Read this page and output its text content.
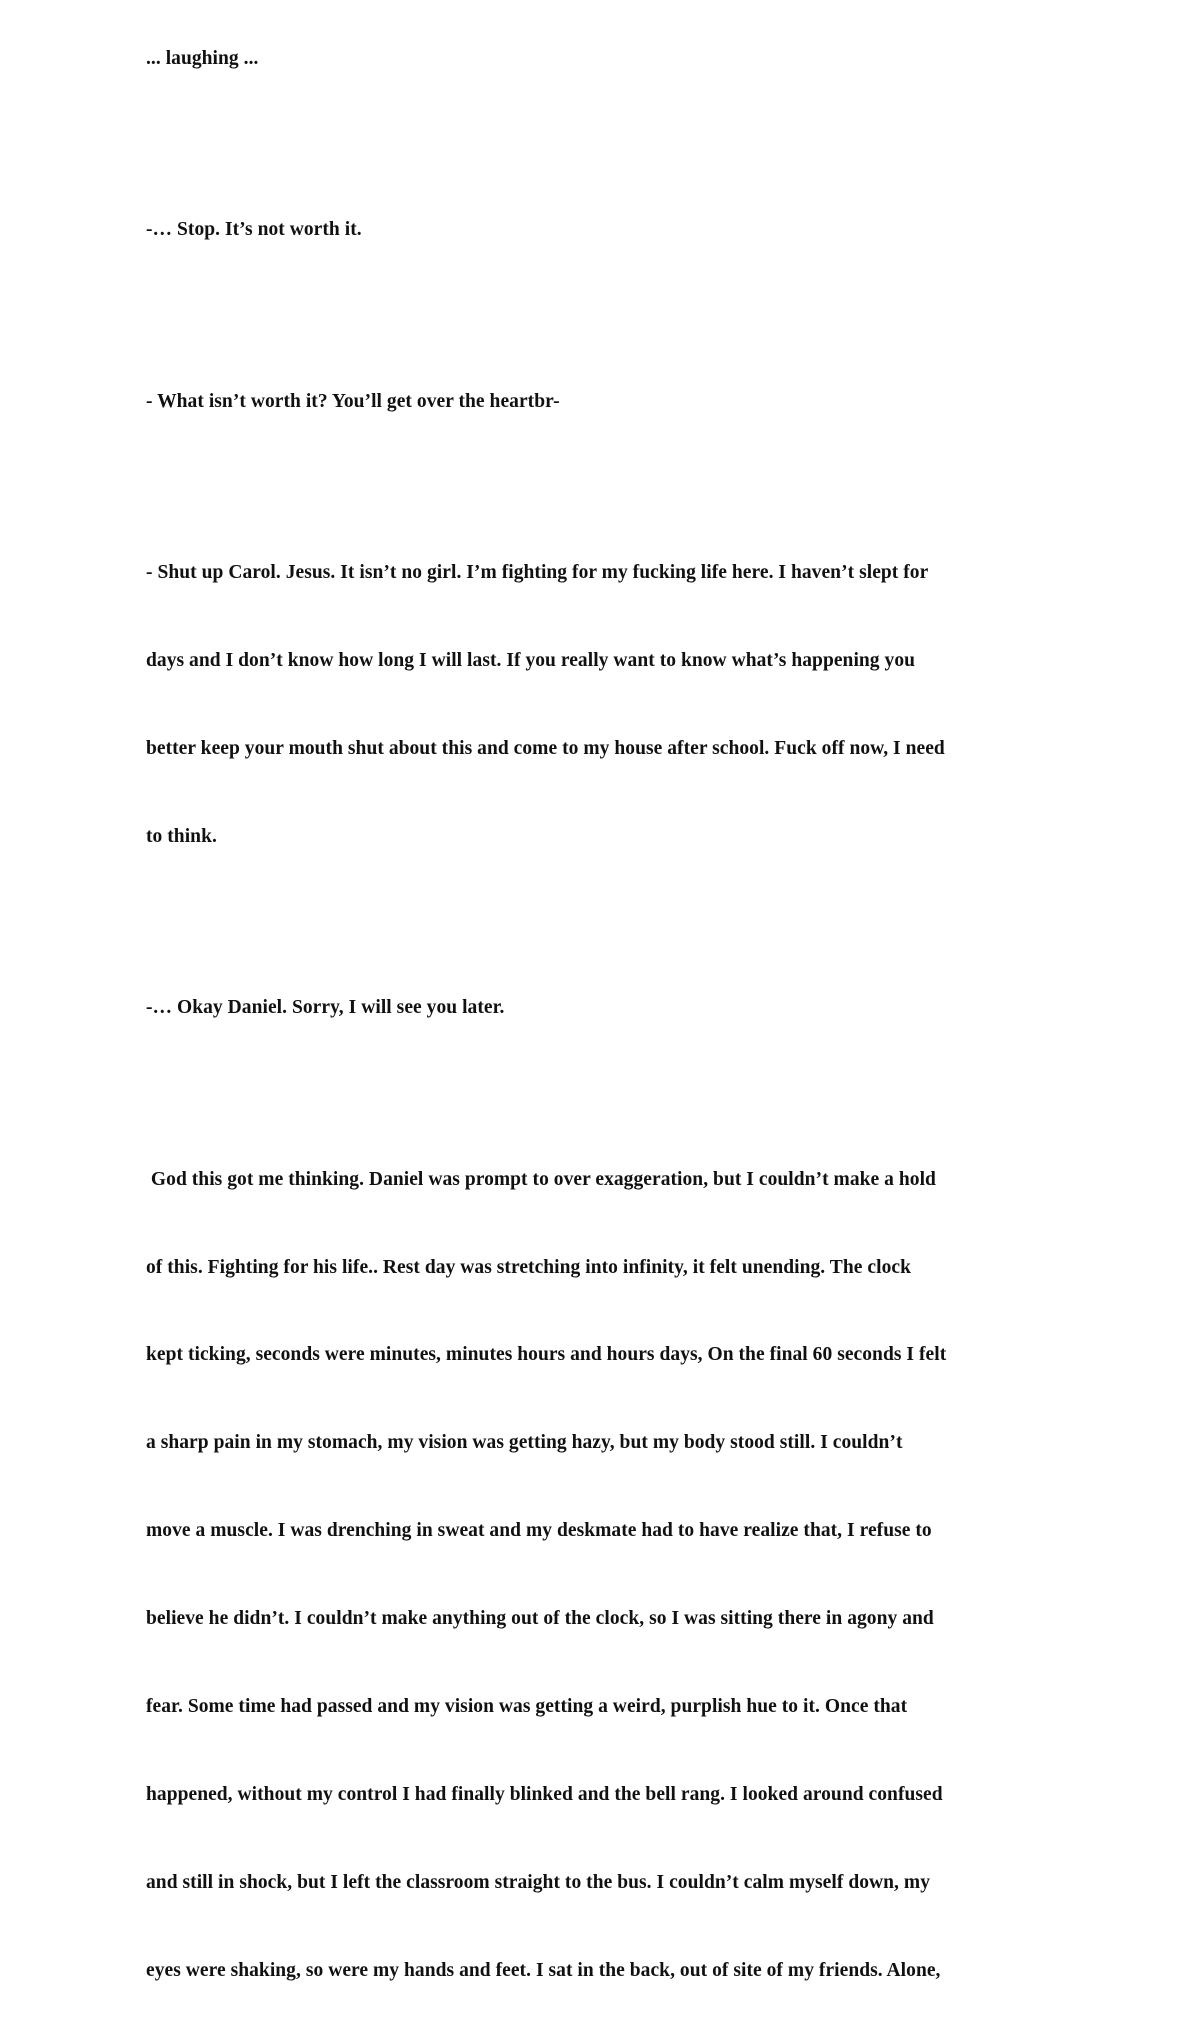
... laughing ...

-… Stop. It’s not worth it.

- What isn’t worth it? You’ll get over the heartbr-

- Shut up Carol. Jesus. It isn’t no girl. I’m fighting for my fucking life here. I haven’t slept for

days and I don’t know how long I will last. If you really want to know what’s happening you

better keep your mouth shut about this and come to my house after school. Fuck off now, I need

to think.

-… Okay Daniel. Sorry, I will see you later.

God this got me thinking. Daniel was prompt to over exaggeration, but I couldn’t make a hold

of this. Fighting for his life.. Rest day was stretching into infinity, it felt unending. The clock

kept ticking, seconds were minutes, minutes hours and hours days, On the final 60 seconds I felt

a sharp pain in my stomach, my vision was getting hazy, but my body stood still. I couldn’t

move a muscle. I was drenching in sweat and my deskmate had to have realize that, I refuse to

believe he didn’t. I couldn’t make anything out of the clock, so I was sitting there in agony and

fear. Some time had passed and my vision was getting a weird, purplish hue to it. Once that

happened, without my control I had finally blinked and the bell rang. I looked around confused

and still in shock, but I left the classroom straight to the bus. I couldn’t calm myself down, my

eyes were shaking, so were my hands and feet. I sat in the back, out of site of my friends. Alone,
